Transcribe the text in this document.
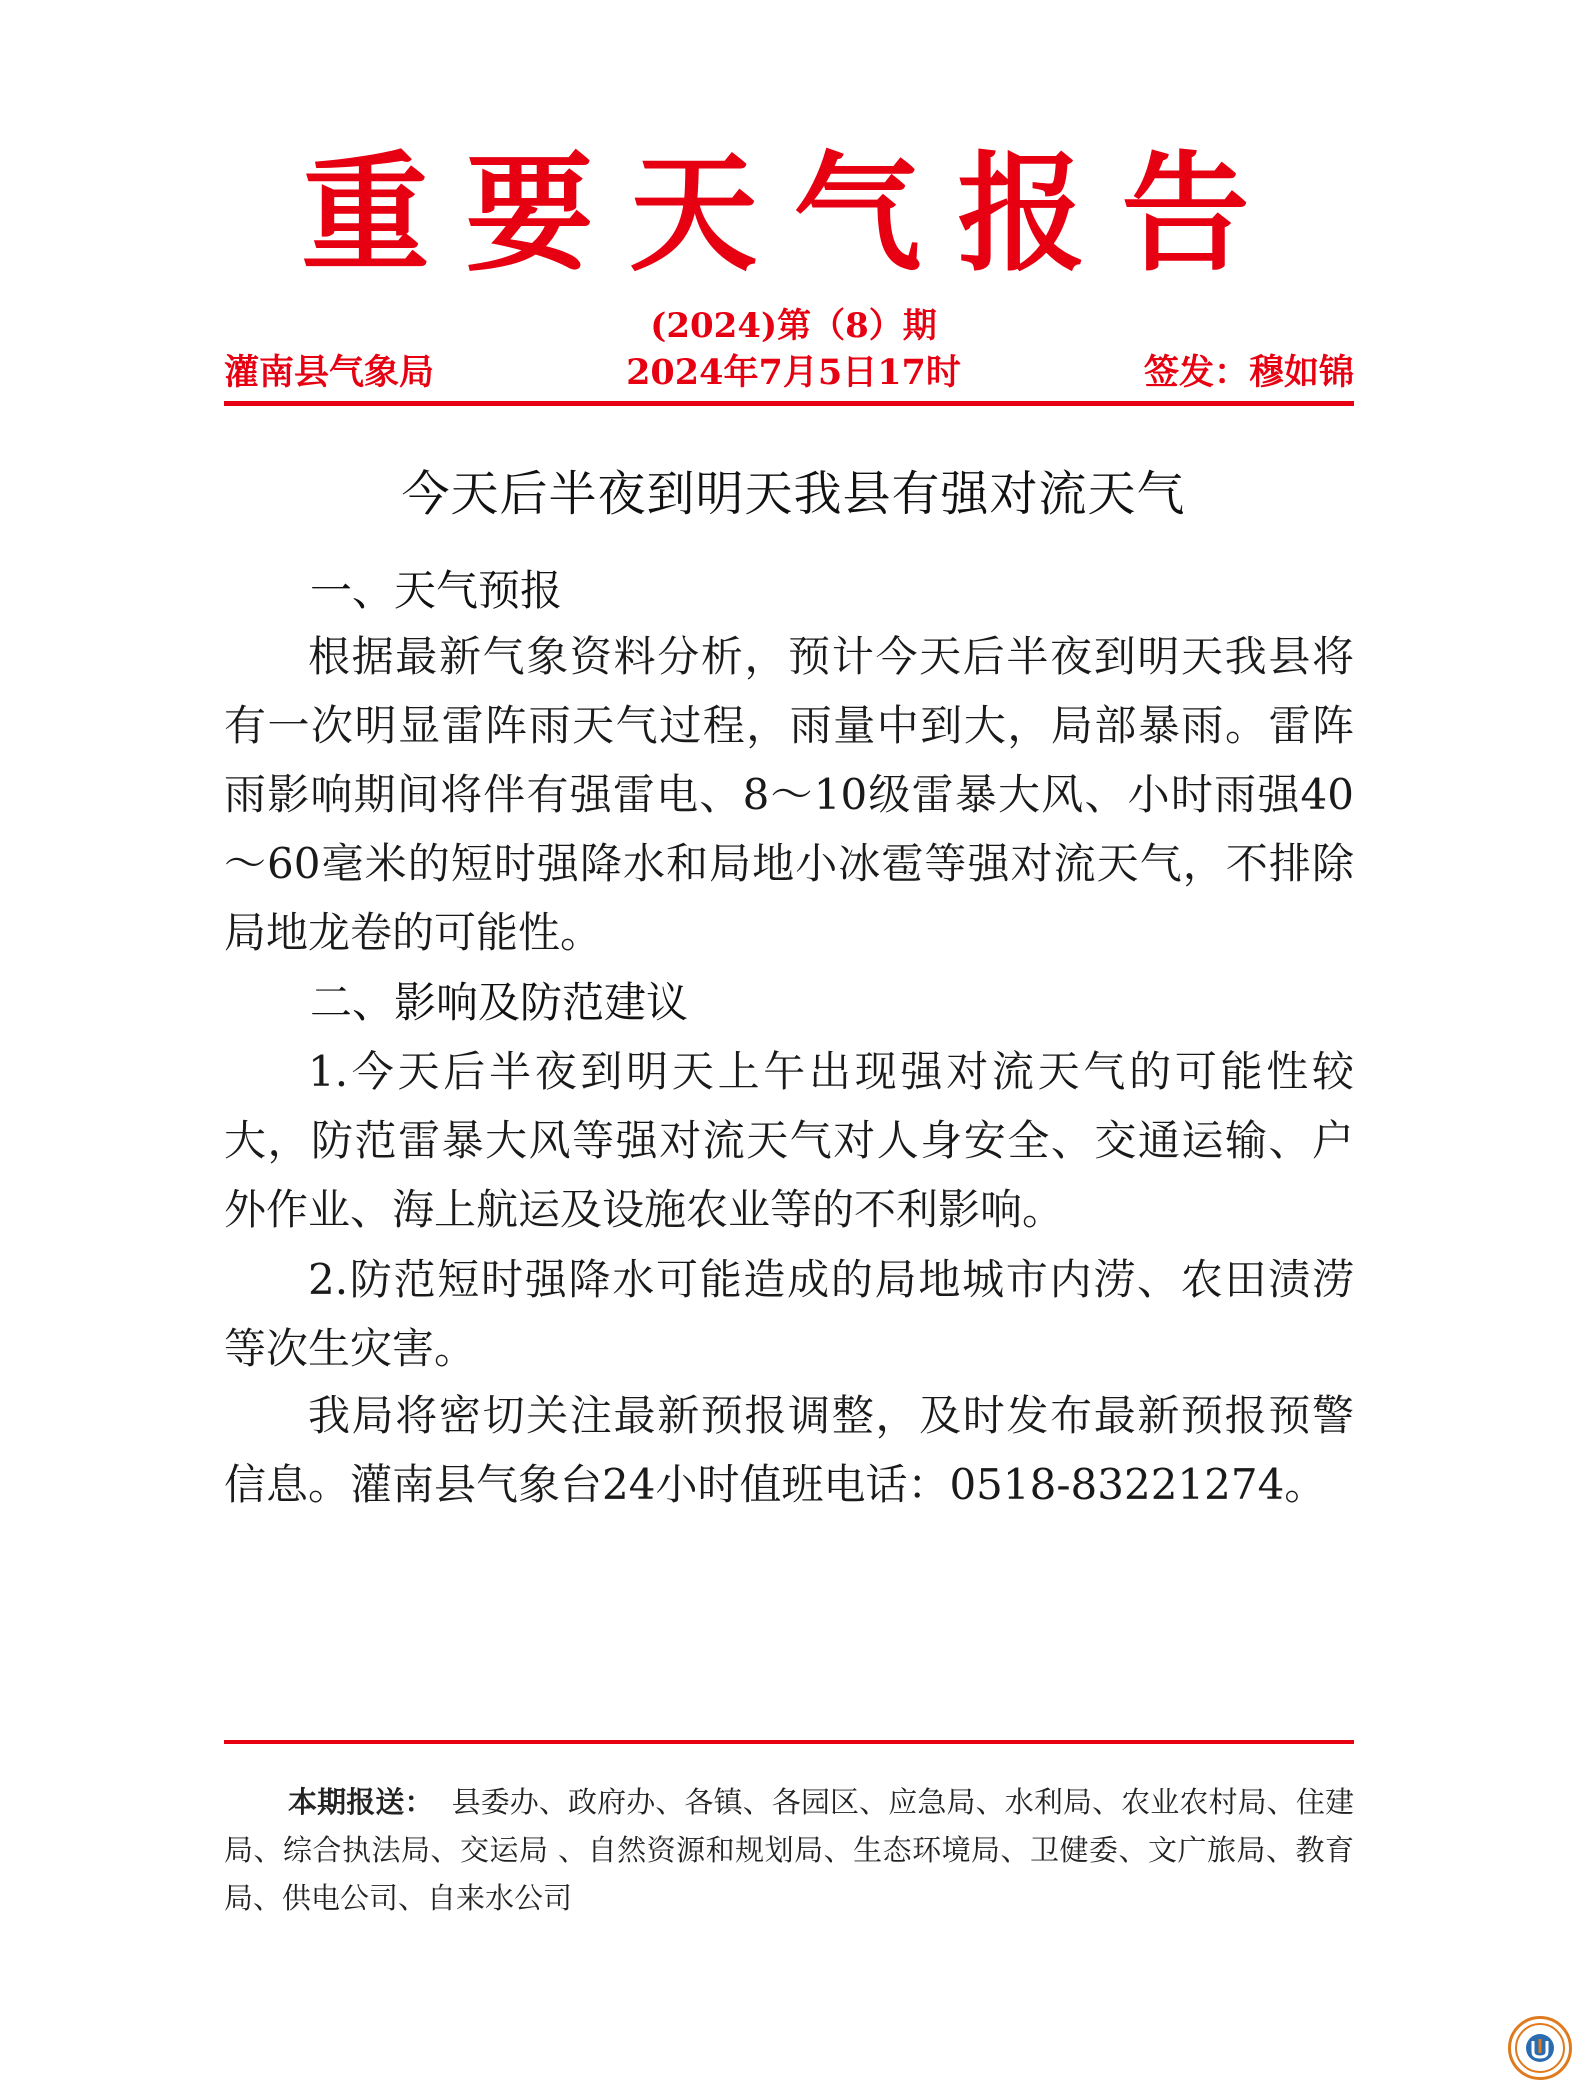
重要天气报告
(2024)第（8）期
灌南县气象局	2024年7月5日17时	签发：穆如锦
今天后半夜到明天我县有强对流天气
一、天气预报
根据最新气象资料分析，预计今天后半夜到明天我县将有一次明显雷阵雨天气过程，雨量中到大，局部暴雨。雷阵雨影响期间将伴有强雷电、8～10级雷暴大风、小时雨强40～60毫米的短时强降水和局地小冰雹等强对流天气，不排除局地龙卷的可能性。
二、影响及防范建议
1.今天后半夜到明天上午出现强对流天气的可能性较大，防范雷暴大风等强对流天气对人身安全、交通运输、户外作业、海上航运及设施农业等的不利影响。
2.防范短时强降水可能造成的局地城市内涝、农田渍涝等次生灾害。
我局将密切关注最新预报调整，及时发布最新预报预警信息。灌南县气象台24小时值班电话：0518-83221274。
本期报送： 县委办、政府办、各镇、各园区、应急局、水利局、农业农村局、住建局、综合执法局、交运局 、自然资源和规划局、生态环境局、卫健委、文广旅局、教育局、供电公司、自来水公司
